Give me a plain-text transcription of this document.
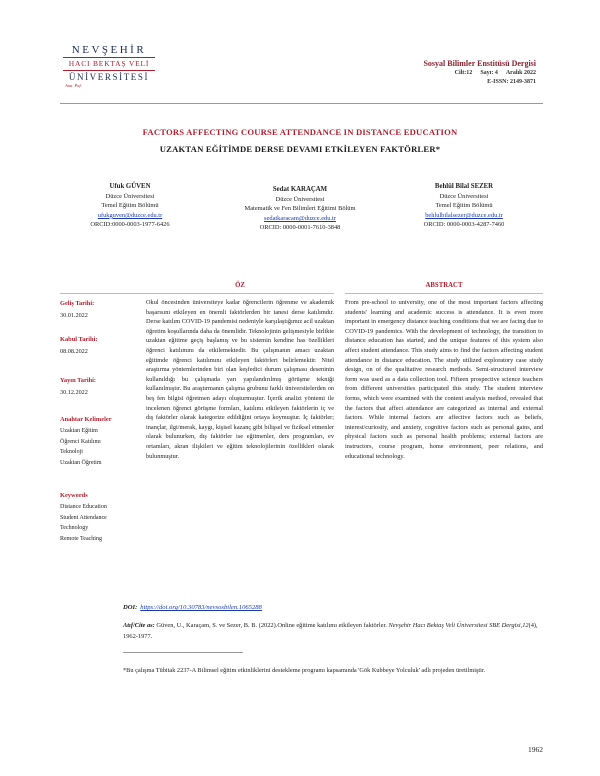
NEVŞEHİR
HACI BEKTAŞ VELİ
ÜNİVERSİTESİ
Ana. Paf.
Sosyal Bilimler Enstitüsü Dergisi
Cilt:12 Sayı: 4 Aralık 2022
E-ISSN: 2149-3871
FACTORS AFFECTING COURSE ATTENDANCE IN DISTANCE EDUCATION
UZAKTAN EĞİTİMDE DERSE DEVAMI ETKİLEYEN FAKTÖRLER*
Ufuk GÜVEN
Düzce Üniversitesi
Temel Eğitim Bölümü
ufukguven@duzce.edu.tr
ORCID:0000-0003-1977-6426
Sedat KARAÇAM
Düzce Üniversitesi
Matematik ve Fen Bilimleri Eğitimi Bölüm
sedatkaracam@duzce.edu.tr
ORCID: 0000-0001-7610-3848
Behlül Bilal SEZER
Düzce Üniversitesi
Temel Eğitim Bölümü
behlulbilalsezer@duzce.edu.tr
ORCID: 0000-0003-4287-7460
ÖZ	ABSTRACT
Geliş Tarihi:
30.01.2022
Kabul Tarihi:
08.08.2022
Yayın Tarihi:
30.12.2022
Anahtar Kelimeler
Uzaktan Eğitim
Öğrenci Katılımı
Teknoloji
Uzaktan Öğretim
Keywords
Distance Education
Student Attendance
Technology
Remote Teaching
Okul öncesinden üniversiteye kadar öğrencilerin öğrenme ve akademik başarısını etkileyen en önemli faktörlerden bir tanesi derse katılımdır. Derse katılım COVID-19 pandemisi nedeniyle karşılaştığımız acil uzaktan öğretim koşullarında daha da önemlidir. Teknolojinin gelişmesiyle birlikte uzaktan eğitime geçiş başlamış ve bu sistemin kendine has özellikleri öğrenci katılımını da etkilemektedir. Bu çalışmanın amacı uzaktan eğitimde öğrenci katılımını etkileyen faktörleri belirlemektir. Nitel araştırma yöntemlerinden biri olan keşfedici durum çalışması deseninin kullanıldığı bu çalışmada yarı yapılandırılmış görüşme tekniği kullanılmıştır. Bu araştırmanın çalışma grubunu farklı üniversitelerden on beş fen bilgisi öğretmen adayı oluşturmuştur. İçerik analizi yöntemi ile incelenen öğrenci görüşme formları, katılımı etkileyen faktörlerin iç ve dış faktörler olarak kategorize edildiğini ortaya koymuştur. İç faktörler; inançlar, ilgi/merak, kaygı, kişisel kazanç gibi bilişsel ve fiziksel etmenler olarak bulunurken, dış faktörler ise eğitmenler, ders programları, ev ortamları, akran ilişkileri ve eğitim teknolojilerinin özellikleri olarak bulunmuştur.
From pre-school to university, one of the most important factors affecting students' learning and academic success is attendance. It is even more important in emergency distance teaching conditions that we are facing due to COVID-19 pandemics. With the development of technology, the transition to distance education has started, and the unique features of this system also affect student attendance. This study aims to find the factors affecting student attendance in distance education. The study utilized exploratory case study design, on of the qualitative research methods. Semi-structured interview form was used as a data collection tool. Fifteen prospective science teachers from different universities participated this study. The student interview forms, which were examined with the content analysis method, revealed that the factors that affect attendance are categorized as internal and external factors. While internal factors are affective factors such as beliefs, interest/curiosity, and anxiety, cognitive factors such as personal gains, and physical factors such as personal health problems; external factors are instructors, course program, home environment, peer relations, and educational technology.
DOI: https://doi.org/10.30783/nevsosbilen.1065288
Atıf/Cite as: Güven, U., Karaçam, S. ve Sezer, B. B. (2022).Online eğitime katılımı etkileyen faktörler. Nevşehir Hacı Bektaş Veli Üniversitesi SBE Dergisi,12(4), 1962-1977.
*Bu çalışma Tübitak 2237-A Bilimsel eğitim etkinliklerini destekleme programı kapsamında 'Gök Kubbeye Yolculuk' adlı projeden üretilmiştir.
1962
